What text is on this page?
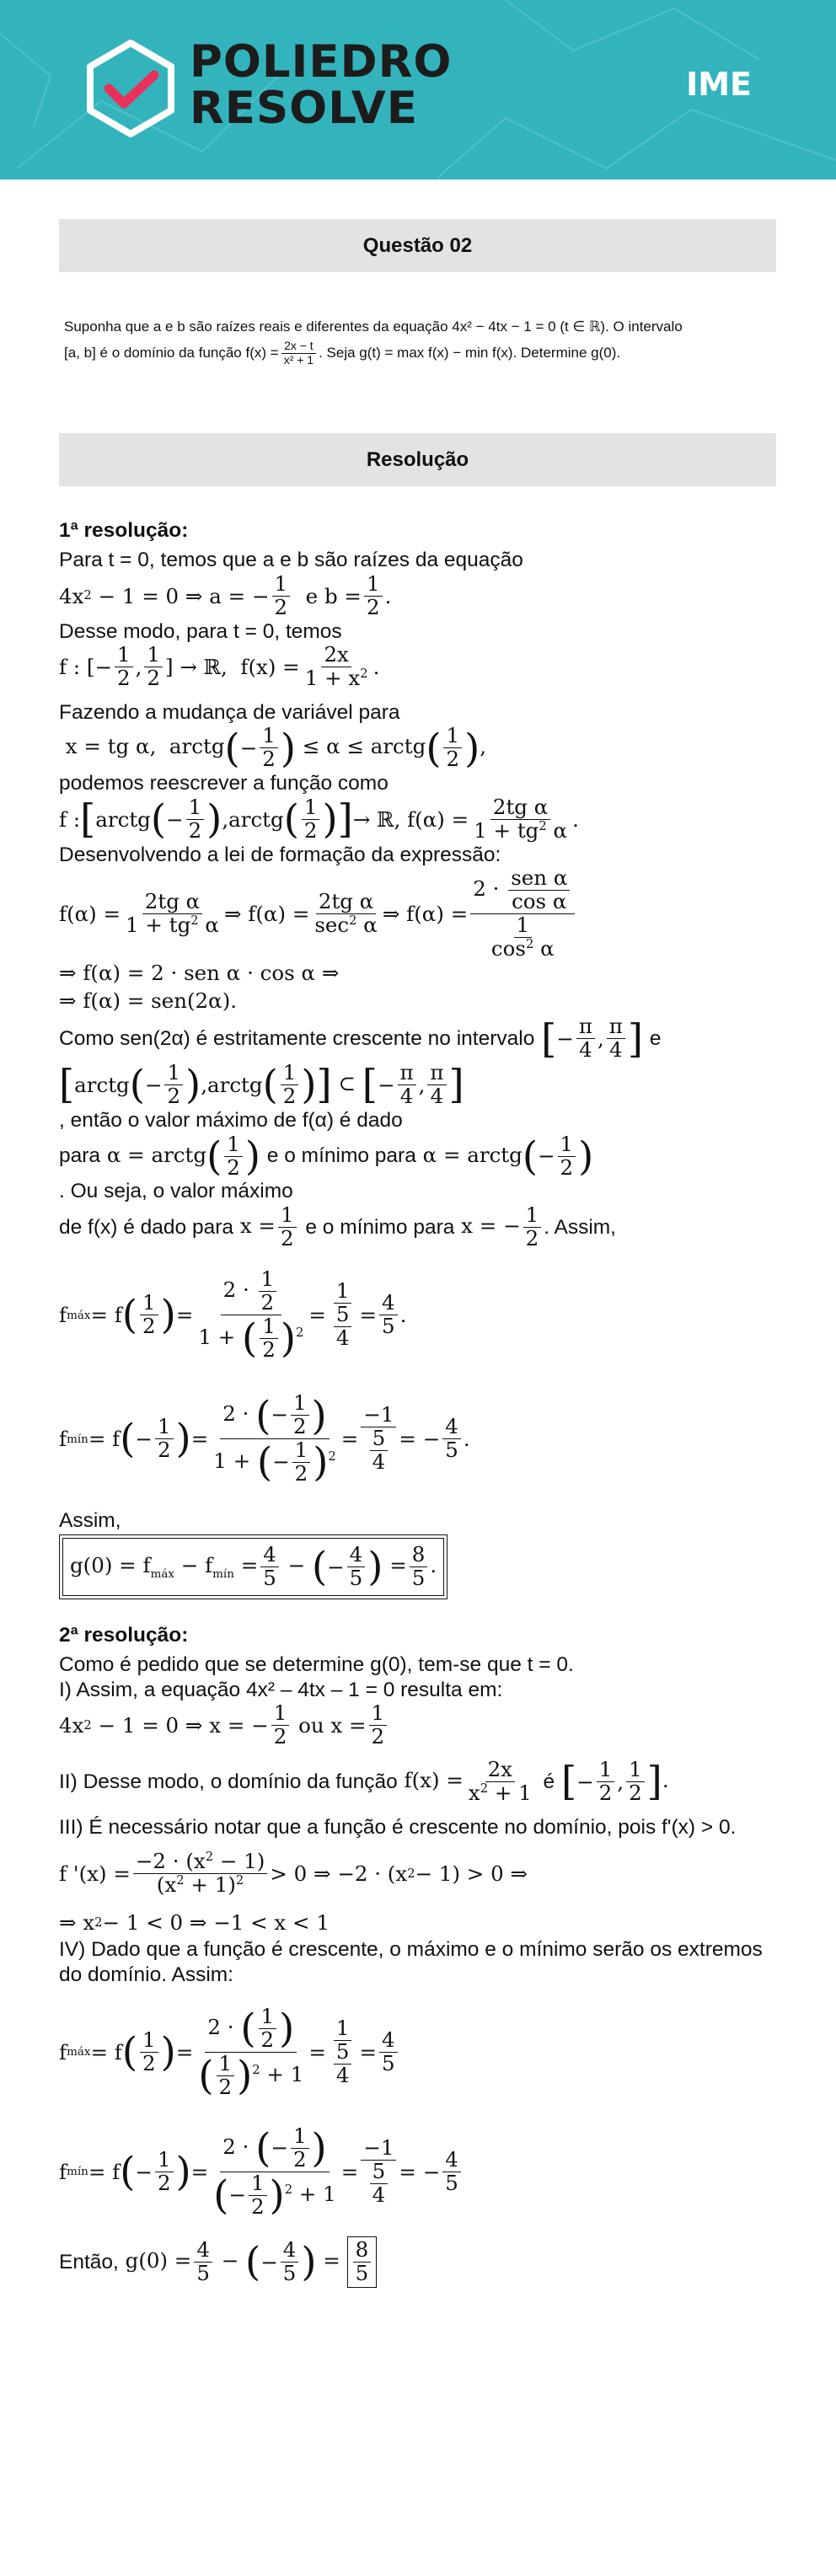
POLIEDRO
RESOLVE	IME
Questão 02
Suponha que a e b são raízes reais e diferentes da equação 4x² − 4tx − 1 = 0 (t ∈ ℝ). O intervalo
[a, b] é o domínio da função $f(x) = \frac{2x - t}{\text{x² + 1}}$ . Seja g(t) = max f(x) − min f(x). Determine g(0).
Resolução
1ª resolução:
Para t = 0, temos que a e b são raízes da equação
4x 2 − 1 = 0 ⇒ a = −
1
2 e b =
1
2 .
Desse modo, para t = 0, temos
f : [−
1
2 ,
1
2 ] → ℝ,  f(x) =
2x
$1 + x^2$ .
Fazendo a mudança de variável para
x = tg α,  arctg ( −
1
2 ) ≤ α ≤ arctg ( 1
2 ) ,
podemos reescrever a função como
f : [ arctg ( −
1
2 ) ,arctg ( 1
2 ) ] → ℝ, f(α) =
2tg α
$1 + tg^2$ α .
Desenvolvendo a lei de formação da expressão:
f(α) =
2tg α
$1 + tg^2$ α ⇒ f(α) =
2tg α
$\sec^2 \alpha$ ⇒ f(α) =
2 · sen α
cos α
$\frac{1}{\cos^2 \alpha}$
⇒ f(α) = 2 · sen α · cos α ⇒
⇒ f(α) = sen(2α).
Como sen(2α) é estritamente crescente no intervalo
[ −
π
4 ,
π
4 ]
e
[ arctg ( −
1
2 ) ,arctg ( 1
2 ) ] ⊂ [ −
π
4 ,
π
4 ]
, então o valor máximo de f(α) é dado
para α = arctg ( 1
2 )
e o mínimo para α = arctg ( −
1
2 )
. Ou seja, o valor máximo
de f(x) é dado para $x = \frac{1}{2}$
e o mínimo para x = − $\frac{1}{2}$ . Assim,
f máx = f ( 1
2 ) =
$2 \cdot \frac{1}{2}$
1 + ( 1
2 ) $^2$
=
1
$\frac{5}{4}$ =
4
5 .
f mín = f ( −
1
2 ) =
2 · ( − 1
2 )
1 + ( − 1
2 ) $^2$
=
−1
$\frac{5}{4}$ = −
4
5 .
Assim,
$g(0) = f_{máx} - f_{mín} = \frac{4}{5}$ − ( −
4
5 ) = $\frac{8}{5}$ .
2ª resolução:
Como é pedido que se determine g(0), tem-se que t = 0.
I) Assim, a equação 4x² – 4tx – 1 = 0 resulta em:
4x 2 − 1 = 0 ⇒ x = −
1
2 ou x =
1
2
II) Desse modo, o domínio da função $f(x) = \frac{2x}{x^2 + 1}$
é
[ −
1
2 ,
1
2 ] .
III) É necessário notar que a função é crescente no domínio, pois f'(x) > 0.
f '(x) =
$-2 \cdot (x^2 - 1)$
$(x^2 + 1)^2 > 0$ ⇒ −2 · (x 2 − 1) > 0 ⇒
⇒ x 2 − 1 < 0 ⇒ −1 < x < 1
IV) Dado que a função é crescente, o máximo e o mínimo serão os extremos do domínio. Assim:
f máx = f ( 1
2 ) =
2 · ( 1
2 )
( 1
2 ) $^2$ + 1
=
1
$\frac{5}{4}$ =
4
5
f mín = f ( −
1
2 ) =
2 · ( − 1
2 )
( − 1
2 ) $^2$ + 1
=
−1
$\frac{5}{4}$ = −
4
5
Então, $g(0) = \frac{4}{5}$ − ( −
4
5 ) = $\frac{8}{5}$
